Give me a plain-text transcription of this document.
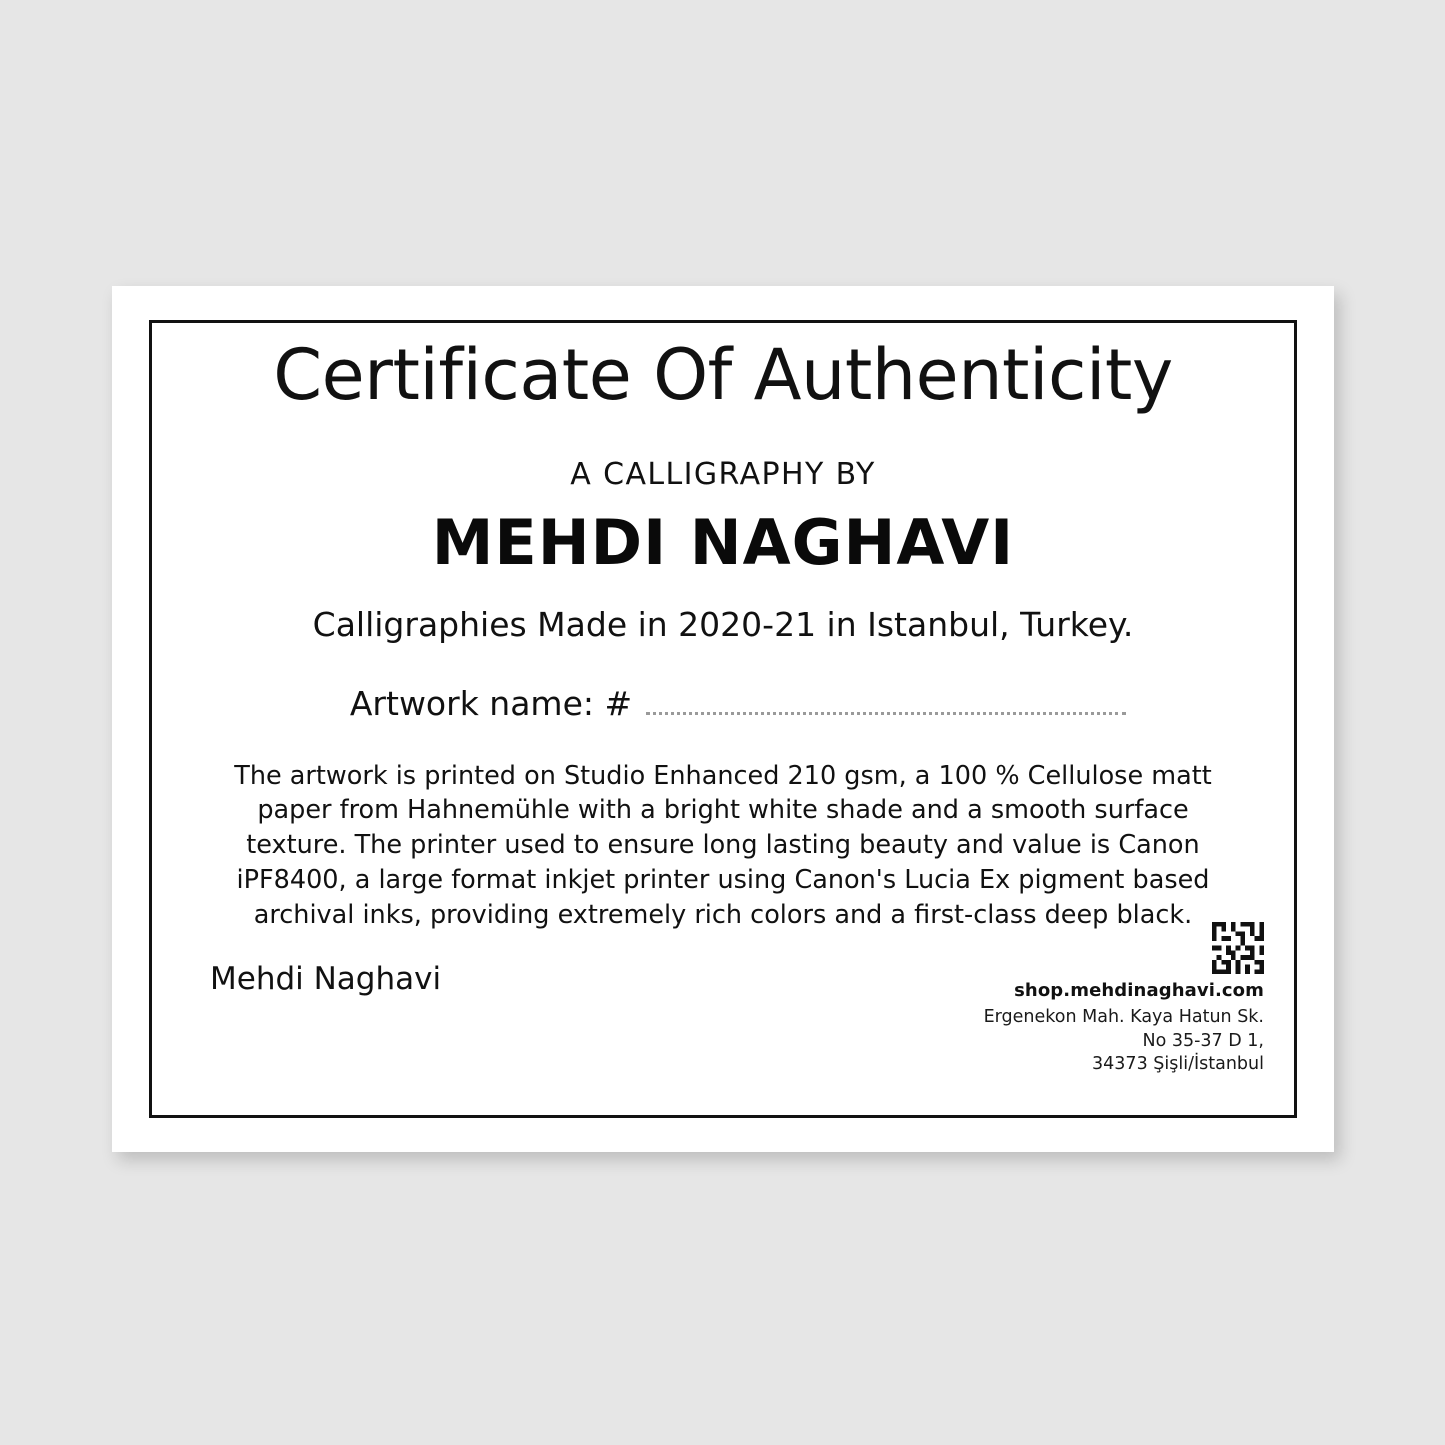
Certificate Of Authenticity
A CALLIGRAPHY BY
MEHDI NAGHAVI
Calligraphies Made in 2020-21 in Istanbul, Turkey.
Artwork name: #
The artwork is printed on Studio Enhanced 210 gsm, a 100 % Cellulose matt paper from Hahnemühle with a bright white shade and a smooth surface texture. The printer used to ensure long lasting beauty and value is Canon iPF8400, a large format inkjet printer using Canon's Lucia Ex pigment based archival inks, providing extremely rich colors and a first-class deep black.
Mehdi Naghavi	shop.mehdinaghavi.com
Ergenekon Mah. Kaya Hatun Sk.
No 35-37 D 1,
34373 Şişli/İstanbul
